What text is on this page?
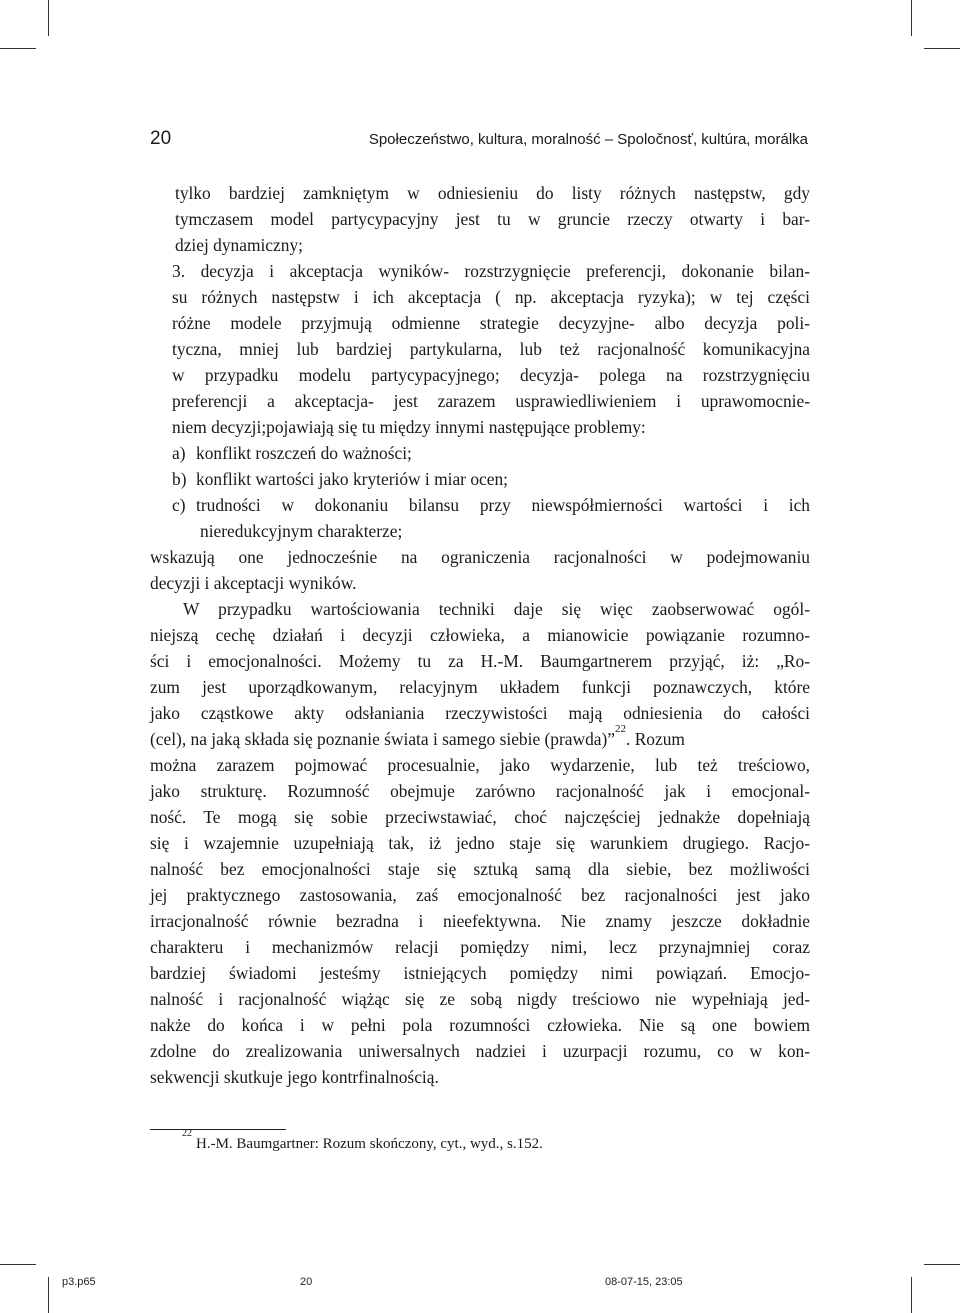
20	Społeczeństwo, kultura, moralność – Spoločnosť, kultúra, morálka
tylko bardziej zamkniętym w odniesieniu do listy różnych następstw, gdy
tymczasem model partycypacyjny jest tu w gruncie rzeczy otwarty i bar-
dziej dynamiczny;
3. decyzja i akceptacja wyników- rozstrzygnięcie preferencji, dokonanie bilan-
su różnych następstw i ich akceptacja ( np. akceptacja ryzyka); w tej części
różne modele przyjmują odmienne strategie decyzyjne- albo decyzja poli-
tyczna, mniej lub bardziej partykularna, lub też racjonalność komunikacyjna
w przypadku modelu partycypacyjnego; decyzja- polega na rozstrzygnięciu
preferencji a akceptacja- jest zarazem usprawiedliwieniem i uprawomocnie-
niem decyzji;pojawiają się tu między innymi następujące problemy:
a) konflikt roszczeń do ważności;
b) konflikt wartości jako kryteriów i miar ocen;
c) trudności w dokonaniu bilansu przy niewspółmierności wartości i ich
nieredukcyjnym charakterze;
wskazują one jednocześnie na ograniczenia racjonalności w podejmowaniu
decyzji i akceptacji wyników.
W przypadku wartościowania techniki daje się więc zaobserwować ogól-
niejszą cechę działań i decyzji człowieka, a mianowicie powiązanie rozumno-
ści i emocjonalności. Możemy tu za H.-M. Baumgartnerem przyjąć, iż: „Ro-
zum jest uporządkowanym, relacyjnym układem funkcji poznawczych, które
jako cząstkowe akty odsłaniania rzeczywistości mają odniesienia do całości
(cel), na jaką składa się poznanie świata i samego siebie (prawda)”$^{22}$. Rozum
można zarazem pojmować procesualnie, jako wydarzenie, lub też treściowo,
jako strukturę. Rozumność obejmuje zarówno racjonalność jak i emocjonal-
ność. Te mogą się sobie przeciwstawiać, choć najczęściej jednakże dopełniają
się i wzajemnie uzupełniają tak, iż jedno staje się warunkiem drugiego. Racjo-
nalność bez emocjonalności staje się sztuką samą dla siebie, bez możliwości
jej praktycznego zastosowania, zaś emocjonalność bez racjonalności jest jako
irracjonalność równie bezradna i nieefektywna. Nie znamy jeszcze dokładnie
charakteru i mechanizmów relacji pomiędzy nimi, lecz przynajmniej coraz
bardziej świadomi jesteśmy istniejących pomiędzy nimi powiązań. Emocjo-
nalność i racjonalność wiążąc się ze sobą nigdy treściowo nie wypełniają jed-
nakże do końca i w pełni pola rozumności człowieka. Nie są one bowiem
zdolne do zrealizowania uniwersalnych nadziei i uzurpacji rozumu, co w kon-
sekwencji skutkuje jego kontrfinalnością.
$^{22}$H.-M. Baumgartner: Rozum skończony, cyt., wyd., s.152.
p3.p65	20	08-07-15, 23:05
